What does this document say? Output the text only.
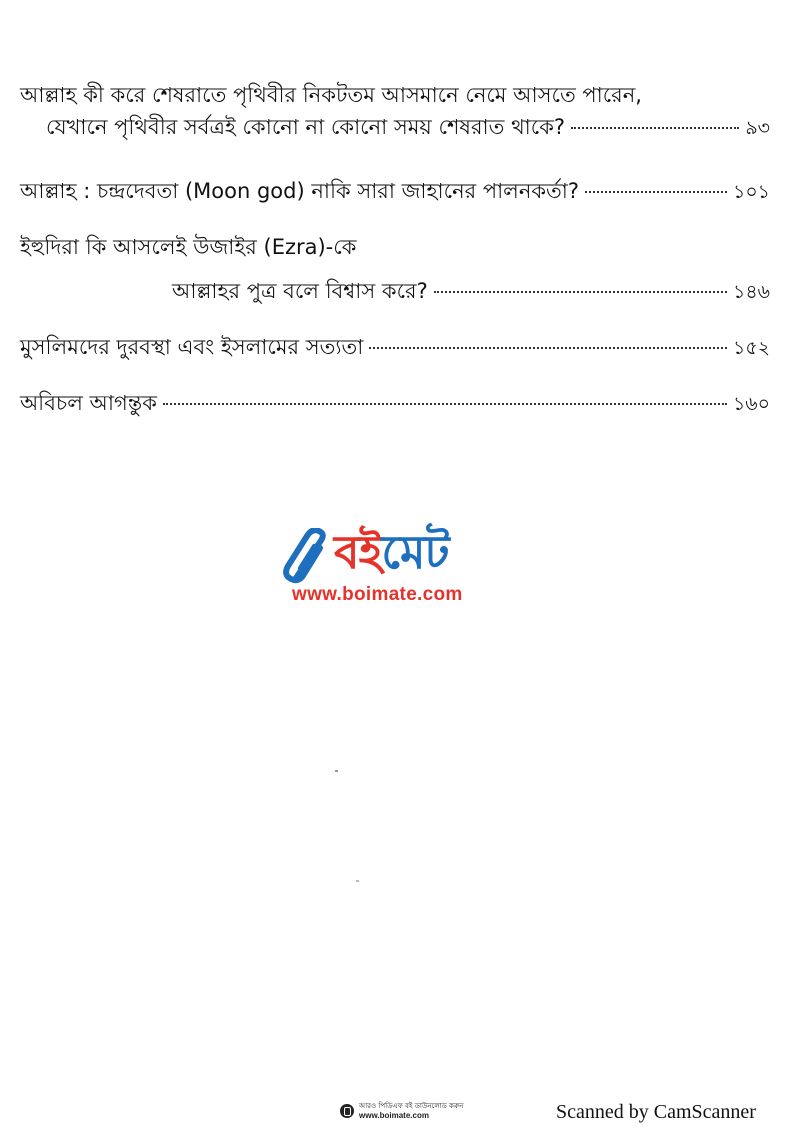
আল্লাহ কী করে শেষরাতে পৃথিবীর নিকটতম আসমানে নেমে আসতে পারেন,
যেখানে পৃথিবীর সর্বত্রই কোনো না কোনো সময় শেষরাত থাকে?	৯৩
আল্লাহ : চন্দ্রদেবতা (Moon god) নাকি সারা জাহানের পালনকর্তা?	১০১
ইহুদিরা কি আসলেই উজাইর (Ezra)-কে
আল্লাহর পুত্র বলে বিশ্বাস করে?	১৪৬
মুসলিমদের দুরবস্থা এবং ইসলামের সত্যতা	১৫২
অবিচল আগন্তুক	১৬০
বইমেট
www.boimate.com
আরও পিডিএফ বই ডাউনলোড করুন
www.boimate.com	Scanned by CamScanner
